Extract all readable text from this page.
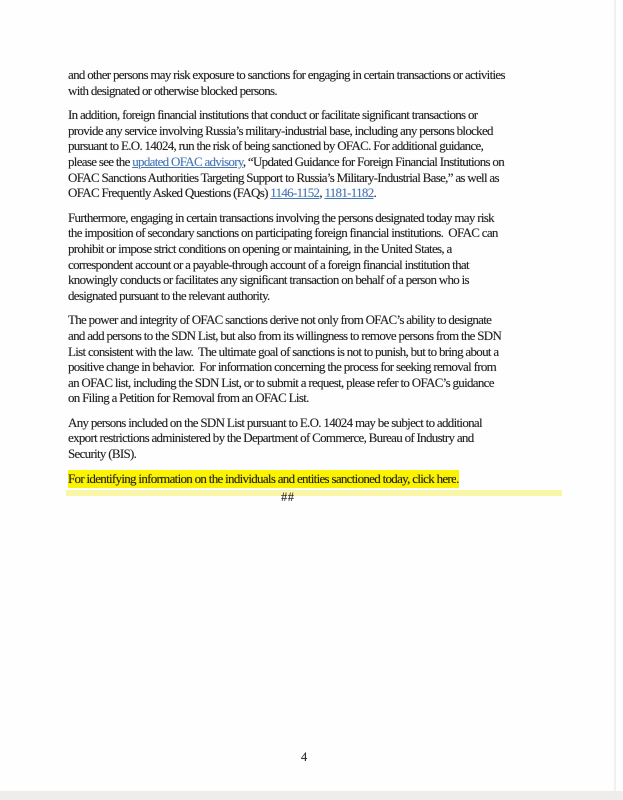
and other persons may risk exposure to sanctions for engaging in certain transactions or activities
with designated or otherwise blocked persons.
In addition, foreign financial institutions that conduct or facilitate significant transactions or
provide any service involving Russia’s military-industrial base, including any persons blocked
pursuant to E.O. 14024, run the risk of being sanctioned by OFAC. For additional guidance,
please see the updated OFAC advisory, “Updated Guidance for Foreign Financial Institutions on
OFAC Sanctions Authorities Targeting Support to Russia’s Military-Industrial Base,” as well as
OFAC Frequently Asked Questions (FAQs) 1146-1152, 1181-1182.
Furthermore, engaging in certain transactions involving the persons designated today may risk
the imposition of secondary sanctions on participating foreign financial institutions.  OFAC can
prohibit or impose strict conditions on opening or maintaining, in the United States, a
correspondent account or a payable-through account of a foreign financial institution that
knowingly conducts or facilitates any significant transaction on behalf of a person who is
designated pursuant to the relevant authority.
The power and integrity of OFAC sanctions derive not only from OFAC’s ability to designate
and add persons to the SDN List, but also from its willingness to remove persons from the SDN
List consistent with the law.  The ultimate goal of sanctions is not to punish, but to bring about a
positive change in behavior.  For information concerning the process for seeking removal from
an OFAC list, including the SDN List, or to submit a request, please refer to OFAC’s guidance
on Filing a Petition for Removal from an OFAC List.
Any persons included on the SDN List pursuant to E.O. 14024 may be subject to additional
export restrictions administered by the Department of Commerce, Bureau of Industry and
Security (BIS).
For identifying information on the individuals and entities sanctioned today, click here.
##
4
